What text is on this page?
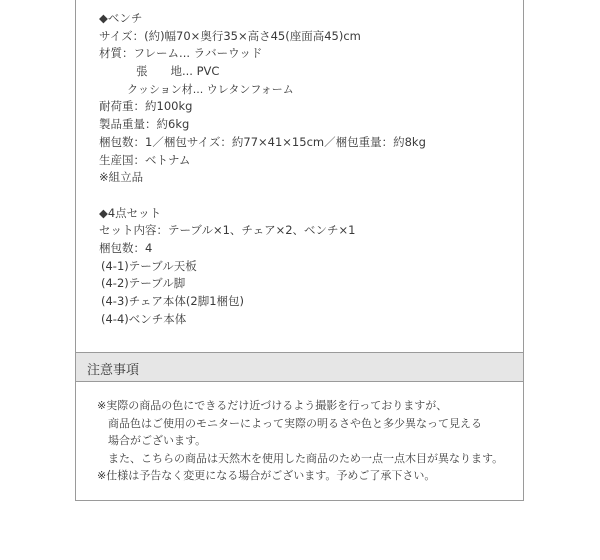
◆ベンチ
サイズ：(約)幅70×奥行35×高さ45(座面高45)cm
材質：フレーム... ラバーウッド
　　張　　地... PVC
　　クッション材... ウレタンフォーム
耐荷重：約100kg
製品重量：約6kg
梱包数：1／梱包サイズ：約77×41×15cm／梱包重量：約8kg
生産国：ベトナム
※組立品
◆4点セット
セット内容：テーブル×1、チェア×2、ベンチ×1
梱包数：4
(4-1)テーブル天板
(4-2)テーブル脚
(4-3)チェア本体(2脚1梱包)
(4-4)ベンチ本体
注意事項
※実際の商品の色にできるだけ近づけるよう撮影を行っておりますが、
　商品色はご使用のモニターによって実際の明るさや色と多少異なって見える
　場合がございます。
　また、こちらの商品は天然木を使用した商品のため一点一点木目が異なります。
※仕様は予告なく変更になる場合がございます。予めご了承下さい。
